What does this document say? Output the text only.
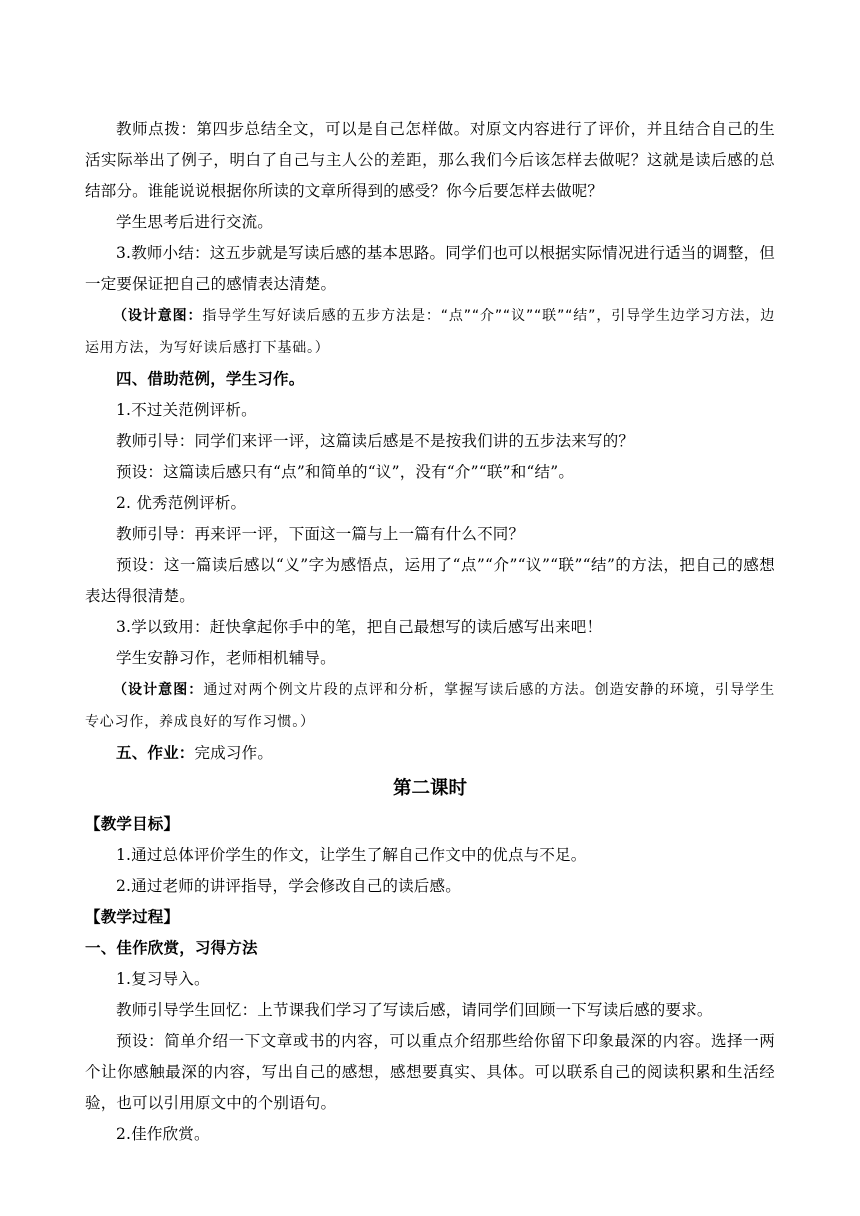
教师点拨：第四步总结全文，可以是自己怎样做。对原文内容进行了评价，并且结合自己的生活实际举出了例子，明白了自己与主人公的差距，那么我们今后该怎样去做呢？这就是读后感的总结部分。谁能说说根据你所读的文章所得到的感受？你今后要怎样去做呢？

学生思考后进行交流。

3.教师小结：这五步就是写读后感的基本思路。同学们也可以根据实际情况进行适当的调整，但一定要保证把自己的感情表达清楚。

（设计意图：指导学生写好读后感的五步方法是：“点”“介”“议”“联”“结”，引导学生边学习方法，边运用方法，为写好读后感打下基础。）

四、借助范例，学生习作。

1.不过关范例评析。

教师引导：同学们来评一评，这篇读后感是不是按我们讲的五步法来写的？

预设：这篇读后感只有“点”和简单的“议”，没有“介”“联”和“结”。

2. 优秀范例评析。

教师引导：再来评一评，下面这一篇与上一篇有什么不同？

预设：这一篇读后感以“义”字为感悟点，运用了“点”“介”“议”“联”“结”的方法，把自己的感想表达得很清楚。

3.学以致用：赶快拿起你手中的笔，把自己最想写的读后感写出来吧！

学生安静习作，老师相机辅导。

（设计意图：通过对两个例文片段的点评和分析，掌握写读后感的方法。创造安静的环境，引导学生专心习作，养成良好的写作习惯。）

五、作业：完成习作。

第二课时

【教学目标】

1.通过总体评价学生的作文，让学生了解自己作文中的优点与不足。

2.通过老师的讲评指导，学会修改自己的读后感。

【教学过程】

一、佳作欣赏，习得方法

1.复习导入。

教师引导学生回忆：上节课我们学习了写读后感，请同学们回顾一下写读后感的要求。

预设：简单介绍一下文章或书的内容，可以重点介绍那些给你留下印象最深的内容。选择一两个让你感触最深的内容，写出自己的感想，感想要真实、具体。可以联系自己的阅读积累和生活经验，也可以引用原文中的个别语句。

2.佳作欣赏。
